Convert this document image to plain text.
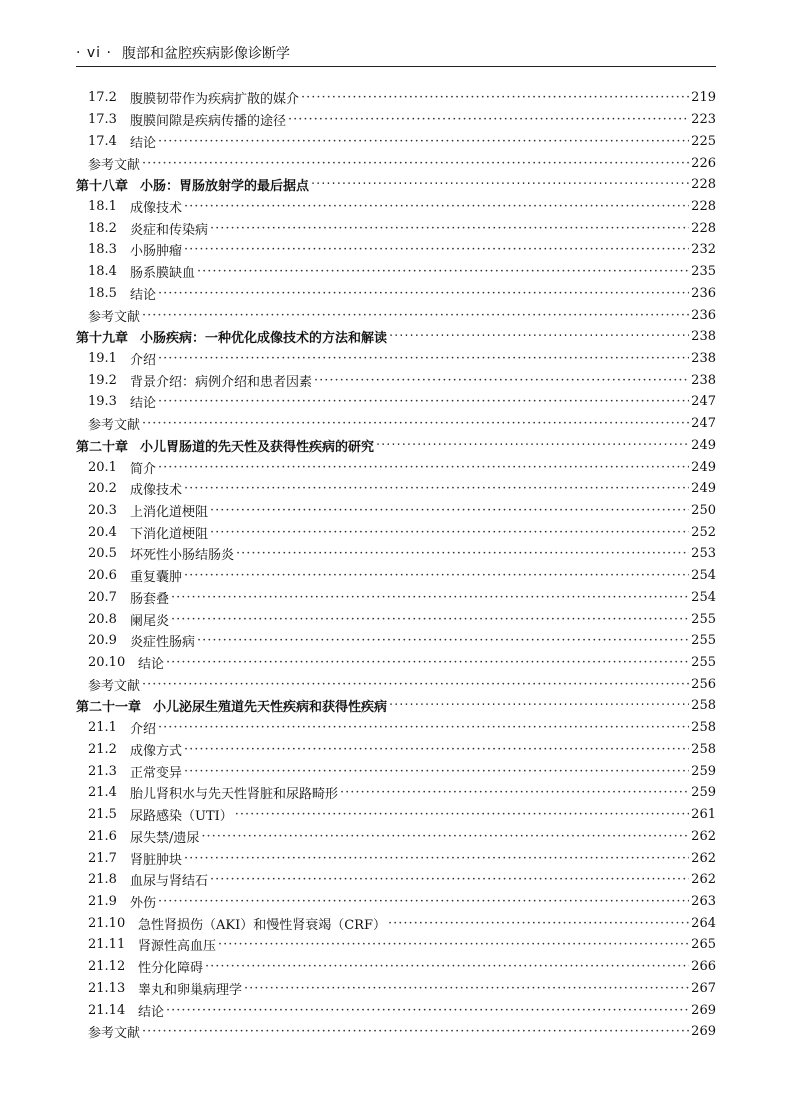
· vi · 腹部和盆腔疾病影像诊断学
17.2	腹膜韧带作为疾病扩散的媒介 ·····	219
17.3	腹膜间隙是疾病传播的途径 ·····	223
17.4	结论 ·····	225
参考文献 ·····	226
第十八章 小肠：胃肠放射学的最后据点 ·····	228
18.1	成像技术 ·····	228
18.2	炎症和传染病 ·····	228
18.3	小肠肿瘤 ·····	232
18.4	肠系膜缺血 ·····	235
18.5	结论 ·····	236
参考文献 ·····	236
第十九章 小肠疾病：一种优化成像技术的方法和解读 ·····	238
19.1	介绍 ·····	238
19.2	背景介绍：病例介绍和患者因素 ·····	238
19.3	结论 ·····	247
参考文献 ·····	247
第二十章 小儿胃肠道的先天性及获得性疾病的研究 ·····	249
20.1	简介 ·····	249
20.2	成像技术 ·····	249
20.3	上消化道梗阻 ·····	250
20.4	下消化道梗阻 ·····	252
20.5	坏死性小肠结肠炎 ·····	253
20.6	重复囊肿 ·····	254
20.7	肠套叠 ·····	254
20.8	阑尾炎 ·····	255
20.9	炎症性肠病 ·····	255
20.10 结论 ·····	255
参考文献 ·····	256
第二十一章 小儿泌尿生殖道先天性疾病和获得性疾病 ·····	258
21.1	介绍 ·····	258
21.2	成像方式 ·····	258
21.3	正常变异 ·····	259
21.4	胎儿肾积水与先天性肾脏和尿路畸形 ·····	259
21.5	尿路感染（UTI） ·····	261
21.6	尿失禁/遗尿 ·····	262
21.7	肾脏肿块 ·····	262
21.8	血尿与肾结石 ·····	262
21.9	外伤 ·····	263
21.10 急性肾损伤（AKI）和慢性肾衰竭（CRF） ·····	264
21.11 肾源性高血压 ·····	265
21.12 性分化障碍 ·····	266
21.13 睾丸和卵巢病理学 ·····	267
21.14 结论 ·····	269
参考文献 ·····	269
